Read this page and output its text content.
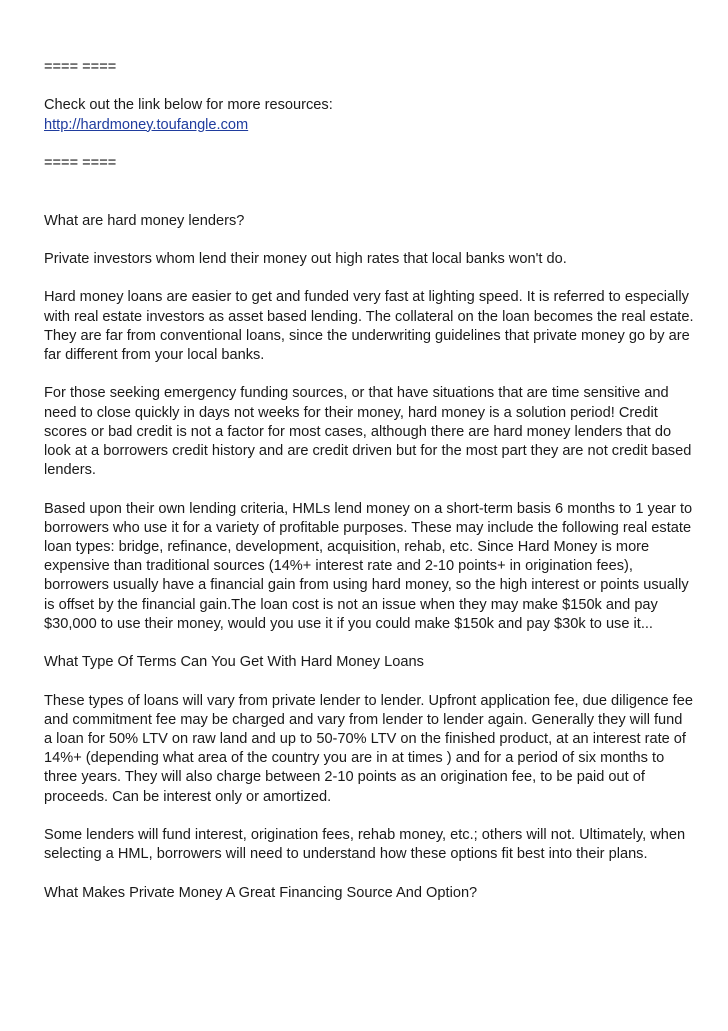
==== ====
Check out the link below for more resources:
http://hardmoney.toufangle.com
==== ====
What are hard money lenders?

Private investors whom lend their money out high rates that local banks won't do.

Hard money loans are easier to get and funded very fast at lighting speed. It is referred to especially with real estate investors as asset based lending. The collateral on the loan becomes the real estate. They are far from conventional loans, since the underwriting guidelines that private money go by are far different from your local banks.

For those seeking emergency funding sources, or that have situations that are time sensitive and need to close quickly in days not weeks for their money, hard money is a solution period! Credit scores or bad credit is not a factor for most cases, although there are hard money lenders that do look at a borrowers credit history and are credit driven but for the most part they are not credit based lenders.

Based upon their own lending criteria, HMLs lend money on a short-term basis 6 months to 1 year to borrowers who use it for a variety of profitable purposes. These may include the following real estate loan types: bridge, refinance, development, acquisition, rehab, etc. Since Hard Money is more expensive than traditional sources (14%+ interest rate and 2-10 points+ in origination fees), borrowers usually have a financial gain from using hard money, so the high interest or points usually is offset by the financial gain.The loan cost is not an issue when they may make $150k and pay $30,000 to use their money, would you use it if you could make $150k and pay $30k to use it...

What Type Of Terms Can You Get With Hard Money Loans

These types of loans will vary from private lender to lender. Upfront application fee, due diligence fee and commitment fee may be charged and vary from lender to lender again. Generally they will fund a loan for 50% LTV on raw land and up to 50-70% LTV on the finished product, at an interest rate of 14%+ (depending what area of the country you are in at times ) and for a period of six months to three years. They will also charge between 2-10 points as an origination fee, to be paid out of proceeds. Can be interest only or amortized.

Some lenders will fund interest, origination fees, rehab money, etc.; others will not. Ultimately, when selecting a HML, borrowers will need to understand how these options fit best into their plans.

What Makes Private Money A Great Financing Source And Option?
